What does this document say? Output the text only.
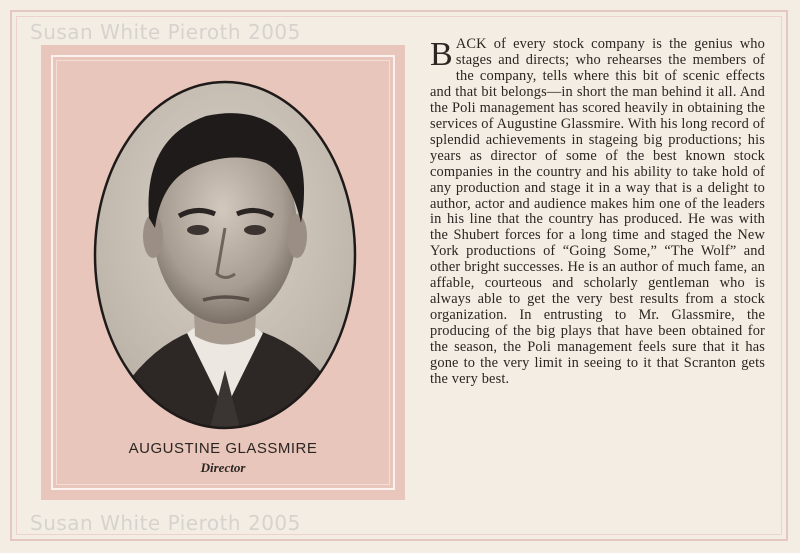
Susan White Pieroth 2005
AUGUSTINE GLASSMIRE
Director

BACK of every stock company is the genius who stages and directs; who rehearses the members of the company, tells where this bit of scenic effects and that bit belongs—in short the man behind it all. And the Poli management has scored heavily in obtaining the services of Augustine Glassmire. With his long record of splendid achievements in stageing big productions; his years as director of some of the best known stock companies in the country and his ability to take hold of any production and stage it in a way that is a delight to author, actor and audience makes him one of the leaders in his line that the country has produced. He was with the Shubert forces for a long time and staged the New York productions of “Going Some,” “The Wolf” and other bright successes. He is an author of much fame, an affable, courteous and scholarly gentleman who is always able to get the very best results from a stock organization. In entrusting to Mr. Glassmire, the producing of the big plays that have been obtained for the season, the Poli management feels sure that it has gone to the very limit in seeing to it that Scranton gets the very best.

Susan White Pieroth 2005
